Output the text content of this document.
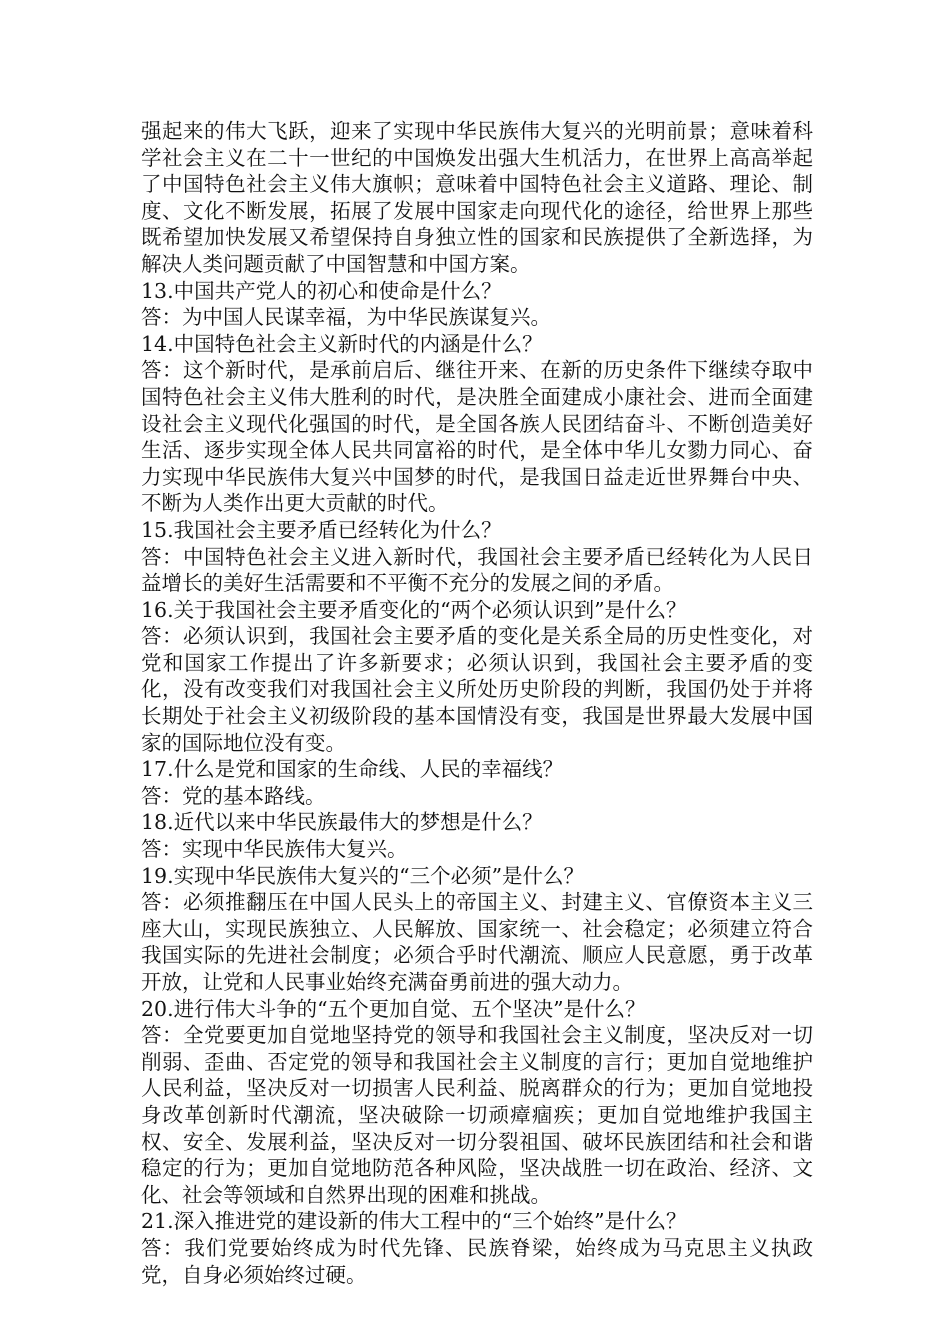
强起来的伟大飞跃，迎来了实现中华民族伟大复兴的光明前景；意味着科学社会主义在二十一世纪的中国焕发出强大生机活力，在世界上高高举起了中国特色社会主义伟大旗帜；意味着中国特色社会主义道路、理论、制度、文化不断发展，拓展了发展中国家走向现代化的途径，给世界上那些既希望加快发展又希望保持自身独立性的国家和民族提供了全新选择，为解决人类问题贡献了中国智慧和中国方案。

13.中国共产党人的初心和使命是什么？

答：为中国人民谋幸福，为中华民族谋复兴。

14.中国特色社会主义新时代的内涵是什么？

答：这个新时代，是承前启后、继往开来、在新的历史条件下继续夺取中国特色社会主义伟大胜利的时代，是决胜全面建成小康社会、进而全面建设社会主义现代化强国的时代，是全国各族人民团结奋斗、不断创造美好生活、逐步实现全体人民共同富裕的时代，是全体中华儿女勠力同心、奋力实现中华民族伟大复兴中国梦的时代，是我国日益走近世界舞台中央、不断为人类作出更大贡献的时代。

15.我国社会主要矛盾已经转化为什么？

答：中国特色社会主义进入新时代，我国社会主要矛盾已经转化为人民日益增长的美好生活需要和不平衡不充分的发展之间的矛盾。

16.关于我国社会主要矛盾变化的“两个必须认识到”是什么？

答：必须认识到，我国社会主要矛盾的变化是关系全局的历史性变化，对党和国家工作提出了许多新要求；必须认识到，我国社会主要矛盾的变化，没有改变我们对我国社会主义所处历史阶段的判断，我国仍处于并将长期处于社会主义初级阶段的基本国情没有变，我国是世界最大发展中国家的国际地位没有变。

17.什么是党和国家的生命线、人民的幸福线？

答：党的基本路线。

18.近代以来中华民族最伟大的梦想是什么？

答：实现中华民族伟大复兴。

19.实现中华民族伟大复兴的“三个必须”是什么？

答：必须推翻压在中国人民头上的帝国主义、封建主义、官僚资本主义三座大山，实现民族独立、人民解放、国家统一、社会稳定；必须建立符合我国实际的先进社会制度；必须合乎时代潮流、顺应人民意愿，勇于改革开放，让党和人民事业始终充满奋勇前进的强大动力。

20.进行伟大斗争的“五个更加自觉、五个坚决”是什么？

答：全党要更加自觉地坚持党的领导和我国社会主义制度，坚决反对一切削弱、歪曲、否定党的领导和我国社会主义制度的言行；更加自觉地维护人民利益，坚决反对一切损害人民利益、脱离群众的行为；更加自觉地投身改革创新时代潮流，坚决破除一切顽瘴痼疾；更加自觉地维护我国主权、安全、发展利益，坚决反对一切分裂祖国、破坏民族团结和社会和谐稳定的行为；更加自觉地防范各种风险，坚决战胜一切在政治、经济、文化、社会等领域和自然界出现的困难和挑战。

21.深入推进党的建设新的伟大工程中的“三个始终”是什么？

答：我们党要始终成为时代先锋、民族脊梁，始终成为马克思主义执政党，自身必须始终过硬。
